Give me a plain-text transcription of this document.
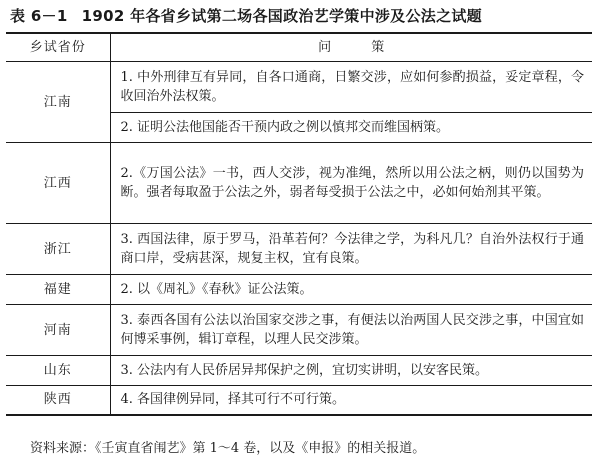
表 6－1 1902 年各省乡试第二场各国政治艺学策中涉及公法之试题
乡试省份	问 策
江南	1. 中外刑律互有异同，自各口通商，日繁交涉，应如何参酌损益，妥定章程，令收回治外法权策。
	2. 证明公法他国能否干预内政之例以慎邦交而维国柄策。
江西	2.《万国公法》一书，西人交涉，视为准绳，然所以用公法之柄，则仍以国势为断。强者每取盈于公法之外，弱者每受损于公法之中，必如何始剂其平策。
浙江	3. 西国法律，原于罗马，沿革若何？今法律之学，为科凡几？自治外法权行于通商口岸，受病甚深，规复主权，宜有良策。
福建	2. 以《周礼》《春秋》证公法策。
河南	3. 泰西各国有公法以治国家交涉之事，有便法以治两国人民交涉之事，中国宜如何博采事例，辑订章程，以理人民交涉策。
山东	3. 公法内有人民侨居异邦保护之例，宜切实讲明，以安客民策。
陕西	4. 各国律例异同，择其可行不可行策。
资料来源：《壬寅直省闱艺》第 1～4 卷，以及《申报》的相关报道。
